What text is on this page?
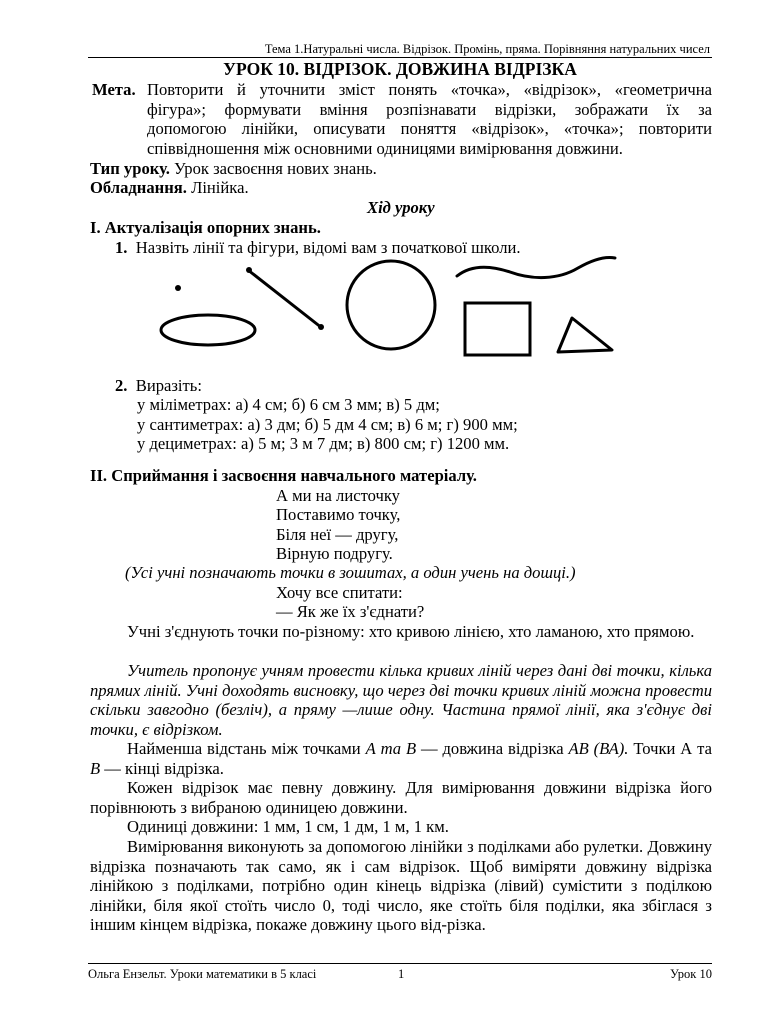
Тема 1.Натуральні числа. Відрізок. Промінь, пряма. Порівняння натуральних чисел
УРОК 10. ВІДРІЗОК. ДОВЖИНА ВІДРІЗКА
Мета. Повторити й уточнити зміст понять «точка», «відрізок», «геометрична
фігура»; формувати вміння розпізнавати відрізки, зображати їх за
допомогою лінійки, описувати поняття «відрізок», «точка»; повторити
співвідношення між основними одиницями вимірювання довжини.
Тип уроку. Урок засвоєння нових знань.
Обладнання. Лінійка.
Хід уроку
I. Актуалізація опорних знань.
1. Назвіть лінії та фігури, відомі вам з початкової школи.
2. Виразіть:
у міліметрах: а) 4 см; б) 6 см 3 мм; в) 5 дм;
у сантиметрах: а) 3 дм; б) 5 дм 4 см; в) 6 м; г) 900 мм;
у дециметрах: а) 5 м; 3 м 7 дм; в) 800 см; г) 1200 мм.
II. Сприймання і засвоєння навчального матеріалу.
А ми на листочку
Поставимо точку,
Біля неї — другу,
Вірную подругу.
(Усі учні позначають точки в зошитах, а один учень на дошці.)
Хочу все спитати:
— Як же їх з'єднати?
Учні з'єднують точки по-різному: хто кривою лінією, хто ламаною, хто прямою.
Учитель пропонує учням провести кілька кривих ліній через дані дві точки, кілька прямих ліній. Учні доходять висновку, що через дві точки кривих ліній можна провести скільки завгодно (безліч), а пряму —лише одну. Частина прямої лінії, яка з'єднує дві точки, є відрізком.
Найменша відстань між точками А та В — довжина відрізка АВ (ВА). Точки А та В — кінці відрізка.
Кожен відрізок має певну довжину. Для вимірювання довжини відрізка його порівнюють з вибраною одиницею довжини.
Одиниці довжини: 1 мм, 1 см, 1 дм, 1 м, 1 км.
Вимірювання виконують за допомогою лінійки з поділками або рулетки. Довжину відрізка позначають так само, як і сам відрізок. Щоб виміряти довжину відрізка лінійкою з поділками, потрібно один кінець відрізка (лівий) сумістити з поділкою лінійки, біля якої стоїть число 0, тоді число, яке стоїть біля поділки, яка збіглася з іншим кінцем відрізка, покаже довжину цього від-різка.
Ольга Ензельт. Уроки математики в 5 класі	1	Урок 10
